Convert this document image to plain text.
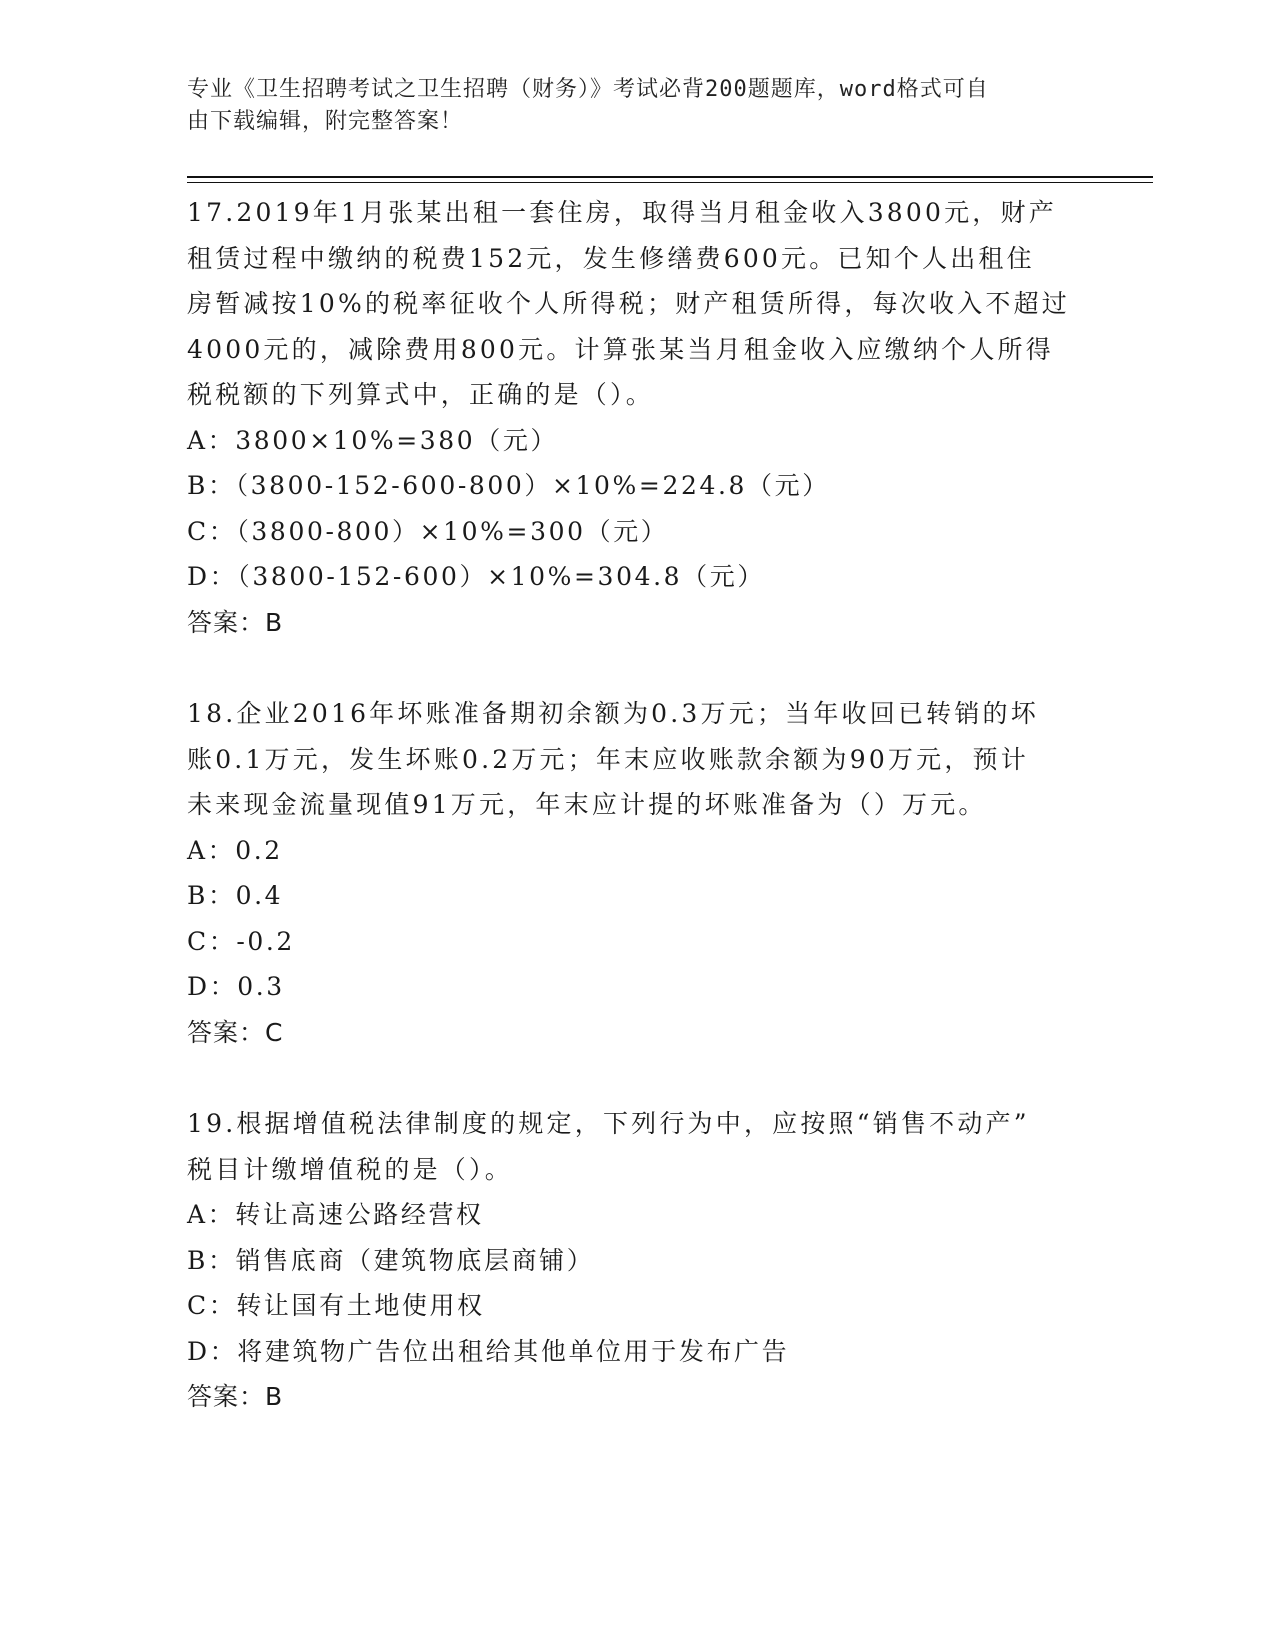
专业《卫生招聘考试之卫生招聘（财务）》考试必背200题题库，word格式可自
由下载编辑，附完整答案！

17.2019年1月张某出租一套住房，取得当月租金收入3800元，财产

租赁过程中缴纳的税费152元，发生修缮费600元。已知个人出租住

房暂减按10%的税率征收个人所得税；财产租赁所得，每次收入不超过

4000元的，减除费用800元。计算张某当月租金收入应缴纳个人所得

税税额的下列算式中，正确的是（）。

A：3800×10%=380（元）

B：（3800-152-600-800）×10%=224.8（元）

C：（3800-800）×10%=300（元）

D：（3800-152-600）×10%=304.8（元）

答案：B

18.企业2016年坏账准备期初余额为0.3万元；当年收回已转销的坏

账0.1万元，发生坏账0.2万元；年末应收账款余额为90万元，预计

未来现金流量现值91万元，年末应计提的坏账准备为（）万元。

A：0.2

B：0.4

C：-0.2

D：0.3

答案：C

19.根据增值税法律制度的规定，下列行为中，应按照“销售不动产”

税目计缴增值税的是（）。

A：转让高速公路经营权

B：销售底商（建筑物底层商铺）

C：转让国有土地使用权

D：将建筑物广告位出租给其他单位用于发布广告

答案：B
